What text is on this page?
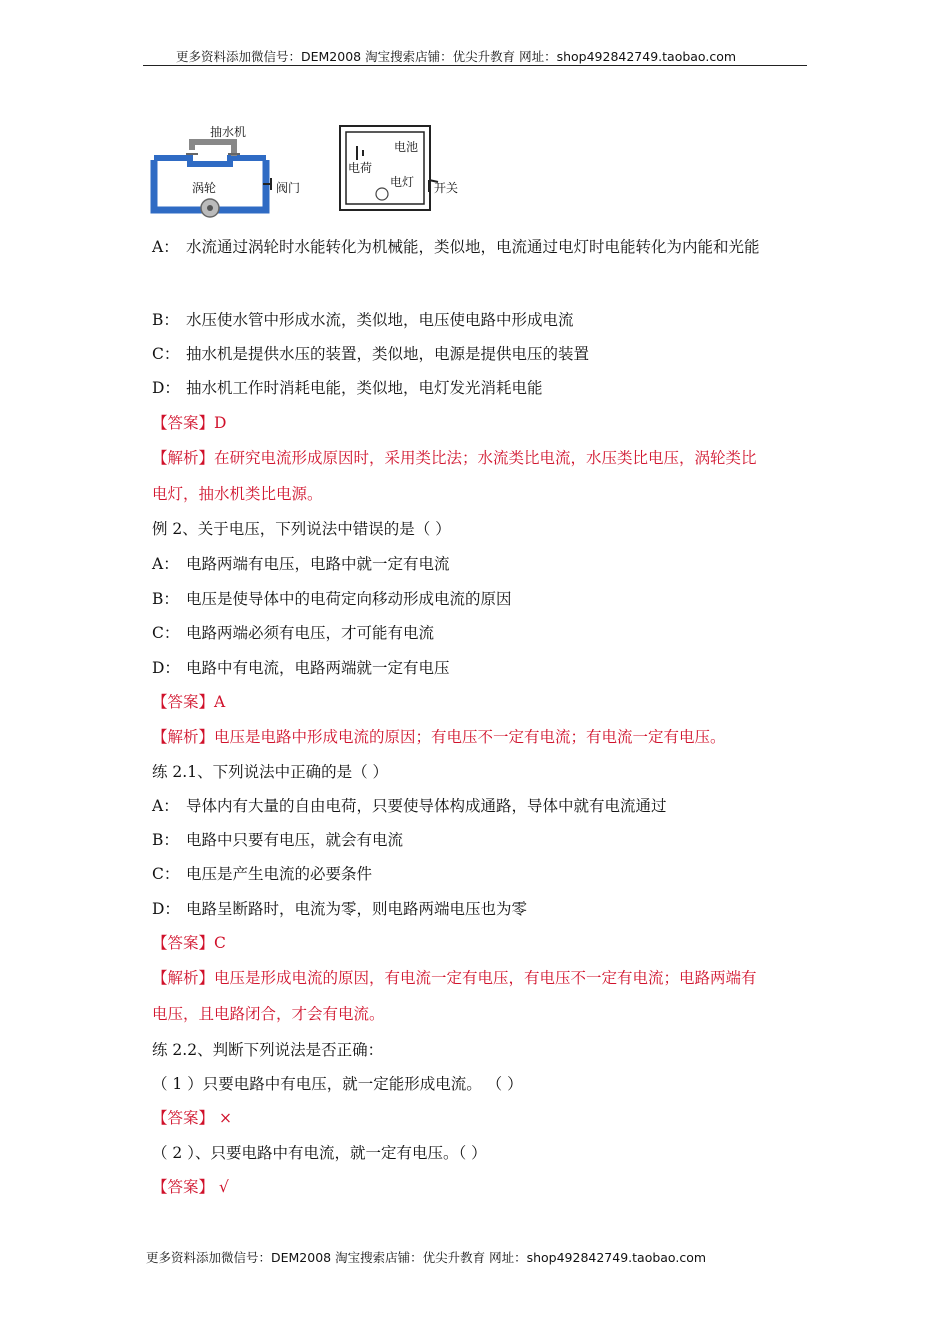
更多资料添加微信号：DEM2008 淘宝搜索店铺：优尖升教育 网址：shop492842749.taobao.com
抽水机
涡轮	阀门
电池
电荷
电灯 开关
A： 水流通过涡轮时水能转化为机械能，类似地，电流通过电灯时电能转化为内能和光能
B： 水压使水管中形成水流，类似地，电压使电路中形成电流
C： 抽水机是提供水压的装置，类似地，电源是提供电压的装置
D： 抽水机工作时消耗电能，类似地，电灯发光消耗电能
【答案】D
【解析】在研究电流形成原因时，采用类比法；水流类比电流，水压类比电压，涡轮类比
电灯，抽水机类比电源。
例 2、关于电压，下列说法中错误的是（ ）
A： 电路两端有电压，电路中就一定有电流
B： 电压是使导体中的电荷定向移动形成电流的原因
C： 电路两端必须有电压，才可能有电流
D： 电路中有电流，电路两端就一定有电压
【答案】A
【解析】电压是电路中形成电流的原因；有电压不一定有电流；有电流一定有电压。
练 2.1、下列说法中正确的是（ ）
A： 导体内有大量的自由电荷，只要使导体构成通路，导体中就有电流通过
B： 电路中只要有电压，就会有电流
C： 电压是产生电流的必要条件
D： 电路呈断路时，电流为零，则电路两端电压也为零
【答案】C
【解析】电压是形成电流的原因，有电流一定有电压，有电压不一定有电流；电路两端有
电压，且电路闭合，才会有电流。
练 2.2、判断下列说法是否正确：
（ 1 ）只要电路中有电压，就一定能形成电流。 （ ）
【答案】 ×
（ 2 ）、只要电路中有电流，就一定有电压。（ ）
【答案】 √
更多资料添加微信号：DEM2008 淘宝搜索店铺：优尖升教育 网址：shop492842749.taobao.com
